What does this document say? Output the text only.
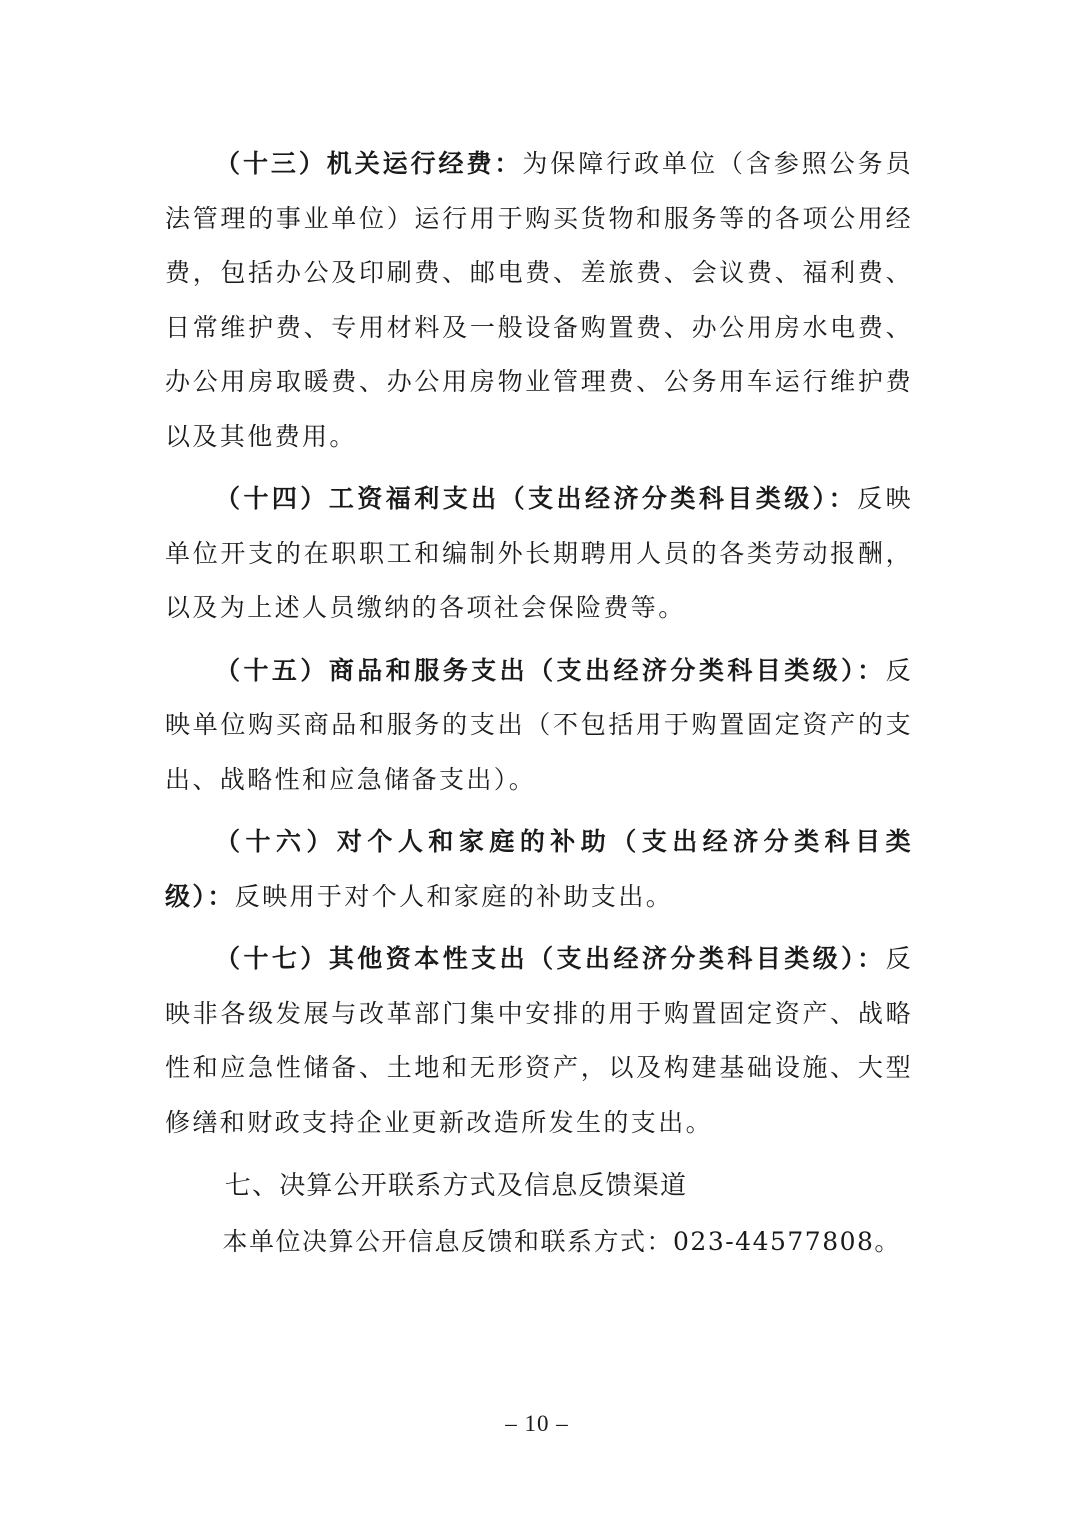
（十三）机关运行经费：为保障行政单位（含参照公务员法管理的事业单位）运行用于购买货物和服务等的各项公用经费，包括办公及印刷费、邮电费、差旅费、会议费、福利费、日常维护费、专用材料及一般设备购置费、办公用房水电费、办公用房取暖费、办公用房物业管理费、公务用车运行维护费以及其他费用。

（十四）工资福利支出（支出经济分类科目类级）：反映单位开支的在职职工和编制外长期聘用人员的各类劳动报酬，以及为上述人员缴纳的各项社会保险费等。

（十五）商品和服务支出（支出经济分类科目类级）：反映单位购买商品和服务的支出（不包括用于购置固定资产的支出、战略性和应急储备支出）。

（十六）对个人和家庭的补助（支出经济分类科目类级）：反映用于对个人和家庭的补助支出。

（十七）其他资本性支出（支出经济分类科目类级）：反映非各级发展与改革部门集中安排的用于购置固定资产、战略性和应急性储备、土地和无形资产，以及构建基础设施、大型修缮和财政支持企业更新改造所发生的支出。

七、决算公开联系方式及信息反馈渠道

本单位决算公开信息反馈和联系方式：023-44577808。

– 10 –
